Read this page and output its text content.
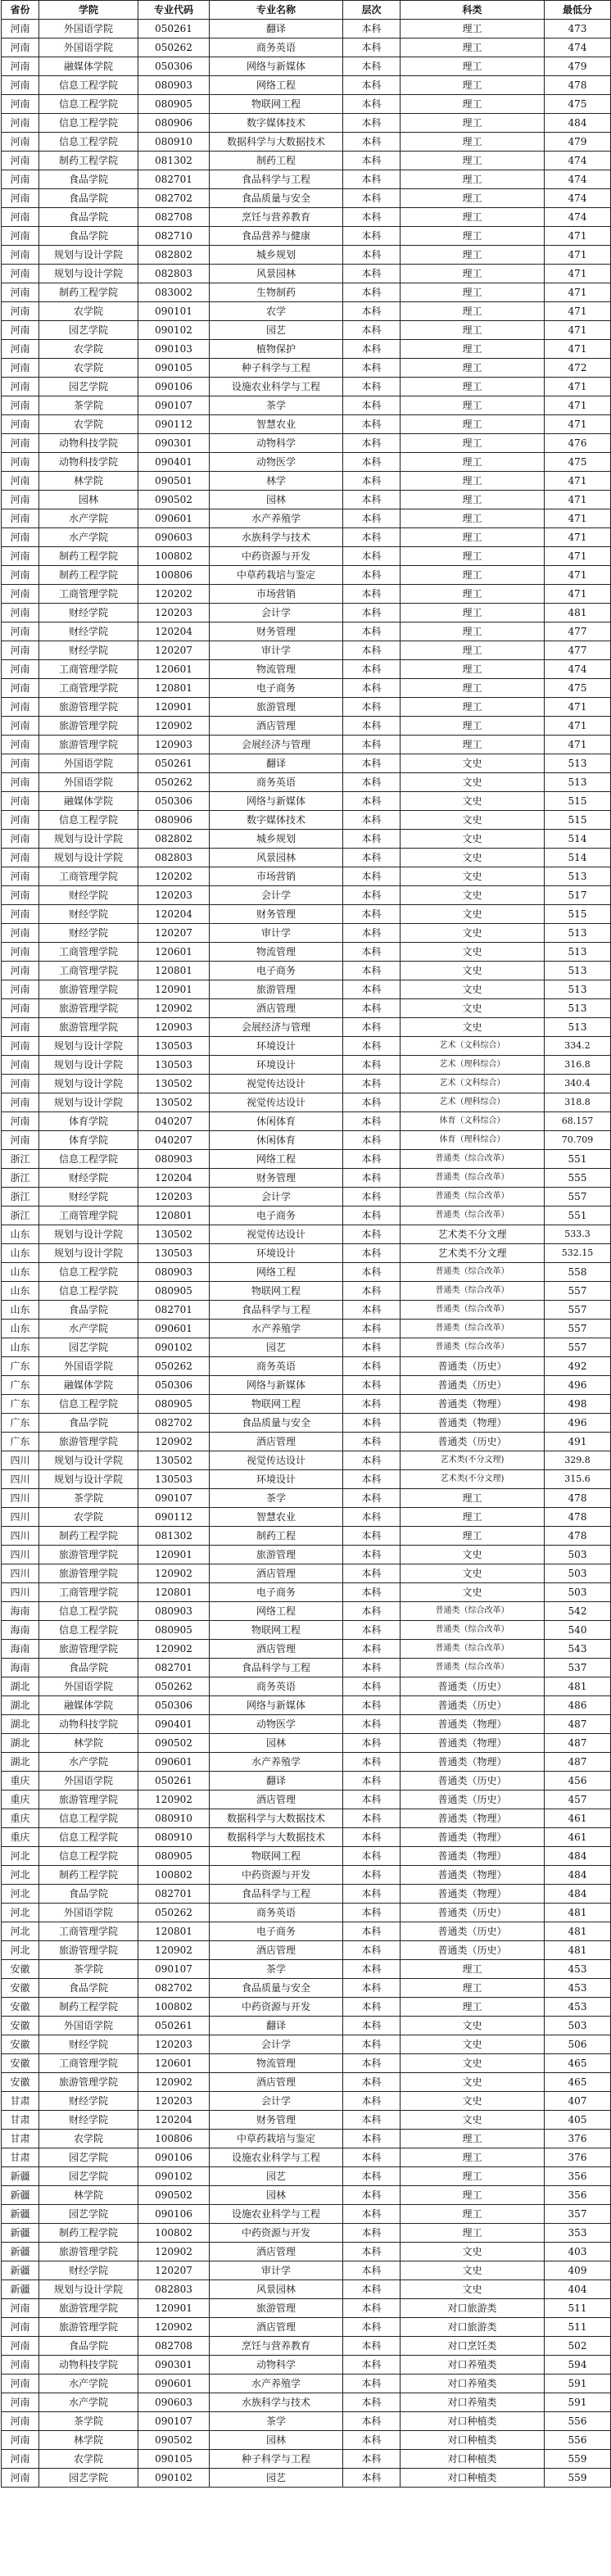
省份	学院	专业代码	专业名称	层次	科类	最低分
河南	外国语学院	050261	翻译	本科	理工	473
河南	外国语学院	050262	商务英语	本科	理工	474
河南	融媒体学院	050306	网络与新媒体	本科	理工	479
河南	信息工程学院	080903	网络工程	本科	理工	478
河南	信息工程学院	080905	物联网工程	本科	理工	475
河南	信息工程学院	080906	数字媒体技术	本科	理工	484
河南	信息工程学院	080910	数据科学与大数据技术	本科	理工	479
河南	制药工程学院	081302	制药工程	本科	理工	474
河南	食品学院	082701	食品科学与工程	本科	理工	474
河南	食品学院	082702	食品质量与安全	本科	理工	474
河南	食品学院	082708	烹饪与营养教育	本科	理工	474
河南	食品学院	082710	食品营养与健康	本科	理工	471
河南	规划与设计学院	082802	城乡规划	本科	理工	471
河南	规划与设计学院	082803	风景园林	本科	理工	471
河南	制药工程学院	083002	生物制药	本科	理工	471
河南	农学院	090101	农学	本科	理工	471
河南	园艺学院	090102	园艺	本科	理工	471
河南	农学院	090103	植物保护	本科	理工	471
河南	农学院	090105	种子科学与工程	本科	理工	472
河南	园艺学院	090106	设施农业科学与工程	本科	理工	471
河南	茶学院	090107	茶学	本科	理工	471
河南	农学院	090112	智慧农业	本科	理工	471
河南	动物科技学院	090301	动物科学	本科	理工	476
河南	动物科技学院	090401	动物医学	本科	理工	475
河南	林学院	090501	林学	本科	理工	471
河南	园林	090502	园林	本科	理工	471
河南	水产学院	090601	水产养殖学	本科	理工	471
河南	水产学院	090603	水族科学与技术	本科	理工	471
河南	制药工程学院	100802	中药资源与开发	本科	理工	471
河南	制药工程学院	100806	中草药栽培与鉴定	本科	理工	471
河南	工商管理学院	120202	市场营销	本科	理工	471
河南	财经学院	120203	会计学	本科	理工	481
河南	财经学院	120204	财务管理	本科	理工	477
河南	财经学院	120207	审计学	本科	理工	477
河南	工商管理学院	120601	物流管理	本科	理工	474
河南	工商管理学院	120801	电子商务	本科	理工	475
河南	旅游管理学院	120901	旅游管理	本科	理工	471
河南	旅游管理学院	120902	酒店管理	本科	理工	471
河南	旅游管理学院	120903	会展经济与管理	本科	理工	471
河南	外国语学院	050261	翻译	本科	文史	513
河南	外国语学院	050262	商务英语	本科	文史	513
河南	融媒体学院	050306	网络与新媒体	本科	文史	515
河南	信息工程学院	080906	数字媒体技术	本科	文史	515
河南	规划与设计学院	082802	城乡规划	本科	文史	514
河南	规划与设计学院	082803	风景园林	本科	文史	514
河南	工商管理学院	120202	市场营销	本科	文史	513
河南	财经学院	120203	会计学	本科	文史	517
河南	财经学院	120204	财务管理	本科	文史	515
河南	财经学院	120207	审计学	本科	文史	513
河南	工商管理学院	120601	物流管理	本科	文史	513
河南	工商管理学院	120801	电子商务	本科	文史	513
河南	旅游管理学院	120901	旅游管理	本科	文史	513
河南	旅游管理学院	120902	酒店管理	本科	文史	513
河南	旅游管理学院	120903	会展经济与管理	本科	文史	513
河南	规划与设计学院	130503	环境设计	本科	艺术（文科综合）	334.2
河南	规划与设计学院	130503	环境设计	本科	艺术（理科综合）	316.8
河南	规划与设计学院	130502	视觉传达设计	本科	艺术（文科综合）	340.4
河南	规划与设计学院	130502	视觉传达设计	本科	艺术（理科综合）	318.8
河南	体育学院	040207	休闲体育	本科	体育（文科综合）	68.157
河南	体育学院	040207	休闲体育	本科	体育（理科综合）	70.709
浙江	信息工程学院	080903	网络工程	本科	普通类（综合改革）	551
浙江	财经学院	120204	财务管理	本科	普通类（综合改革）	555
浙江	财经学院	120203	会计学	本科	普通类（综合改革）	557
浙江	工商管理学院	120801	电子商务	本科	普通类（综合改革）	551
山东	规划与设计学院	130502	视觉传达设计	本科	艺术类不分文理	533.3
山东	规划与设计学院	130503	环境设计	本科	艺术类不分文理	532.15
山东	信息工程学院	080903	网络工程	本科	普通类（综合改革）	558
山东	信息工程学院	080905	物联网工程	本科	普通类（综合改革）	557
山东	食品学院	082701	食品科学与工程	本科	普通类（综合改革）	557
山东	水产学院	090601	水产养殖学	本科	普通类（综合改革）	557
山东	园艺学院	090102	园艺	本科	普通类（综合改革）	557
广东	外国语学院	050262	商务英语	本科	普通类（历史）	492
广东	融媒体学院	050306	网络与新媒体	本科	普通类（历史）	496
广东	信息工程学院	080905	物联网工程	本科	普通类（物理）	498
广东	食品学院	082702	食品质量与安全	本科	普通类（物理）	496
广东	旅游管理学院	120902	酒店管理	本科	普通类（历史）	491
四川	规划与设计学院	130502	视觉传达设计	本科	艺术类(不分文理)	329.8
四川	规划与设计学院	130503	环境设计	本科	艺术类(不分文理)	315.6
四川	茶学院	090107	茶学	本科	理工	478
四川	农学院	090112	智慧农业	本科	理工	478
四川	制药工程学院	081302	制药工程	本科	理工	478
四川	旅游管理学院	120901	旅游管理	本科	文史	503
四川	旅游管理学院	120902	酒店管理	本科	文史	503
四川	工商管理学院	120801	电子商务	本科	文史	503
海南	信息工程学院	080903	网络工程	本科	普通类（综合改革）	542
海南	信息工程学院	080905	物联网工程	本科	普通类（综合改革）	540
海南	旅游管理学院	120902	酒店管理	本科	普通类（综合改革）	543
海南	食品学院	082701	食品科学与工程	本科	普通类（综合改革）	537
湖北	外国语学院	050262	商务英语	本科	普通类（历史）	481
湖北	融媒体学院	050306	网络与新媒体	本科	普通类（历史）	486
湖北	动物科技学院	090401	动物医学	本科	普通类（物理）	487
湖北	林学院	090502	园林	本科	普通类（物理）	487
湖北	水产学院	090601	水产养殖学	本科	普通类（物理）	487
重庆	外国语学院	050261	翻译	本科	普通类（历史）	456
重庆	旅游管理学院	120902	酒店管理	本科	普通类（历史）	457
重庆	信息工程学院	080910	数据科学与大数据技术	本科	普通类（物理）	461
重庆	信息工程学院	080910	数据科学与大数据技术	本科	普通类（物理）	461
河北	信息工程学院	080905	物联网工程	本科	普通类（物理）	484
河北	制药工程学院	100802	中药资源与开发	本科	普通类（物理）	484
河北	食品学院	082701	食品科学与工程	本科	普通类（物理）	484
河北	外国语学院	050262	商务英语	本科	普通类（历史）	481
河北	工商管理学院	120801	电子商务	本科	普通类（历史）	481
河北	旅游管理学院	120902	酒店管理	本科	普通类（历史）	481
安徽	茶学院	090107	茶学	本科	理工	453
安徽	食品学院	082702	食品质量与安全	本科	理工	453
安徽	制药工程学院	100802	中药资源与开发	本科	理工	453
安徽	外国语学院	050261	翻译	本科	文史	503
安徽	财经学院	120203	会计学	本科	文史	506
安徽	工商管理学院	120601	物流管理	本科	文史	465
安徽	旅游管理学院	120902	酒店管理	本科	文史	465
甘肃	财经学院	120203	会计学	本科	文史	407
甘肃	财经学院	120204	财务管理	本科	文史	405
甘肃	农学院	100806	中草药栽培与鉴定	本科	理工	376
甘肃	园艺学院	090106	设施农业科学与工程	本科	理工	376
新疆	园艺学院	090102	园艺	本科	理工	356
新疆	林学院	090502	园林	本科	理工	356
新疆	园艺学院	090106	设施农业科学与工程	本科	理工	357
新疆	制药工程学院	100802	中药资源与开发	本科	理工	353
新疆	旅游管理学院	120902	酒店管理	本科	文史	403
新疆	财经学院	120207	审计学	本科	文史	409
新疆	规划与设计学院	082803	风景园林	本科	文史	404
河南	旅游管理学院	120901	旅游管理	本科	对口旅游类	511
河南	旅游管理学院	120902	酒店管理	本科	对口旅游类	511
河南	食品学院	082708	烹饪与营养教育	本科	对口烹饪类	502
河南	动物科技学院	090301	动物科学	本科	对口养殖类	594
河南	水产学院	090601	水产养殖学	本科	对口养殖类	591
河南	水产学院	090603	水族科学与技术	本科	对口养殖类	591
河南	茶学院	090107	茶学	本科	对口种植类	556
河南	林学院	090502	园林	本科	对口种植类	556
河南	农学院	090105	种子科学与工程	本科	对口种植类	559
河南	园艺学院	090102	园艺	本科	对口种植类	559
